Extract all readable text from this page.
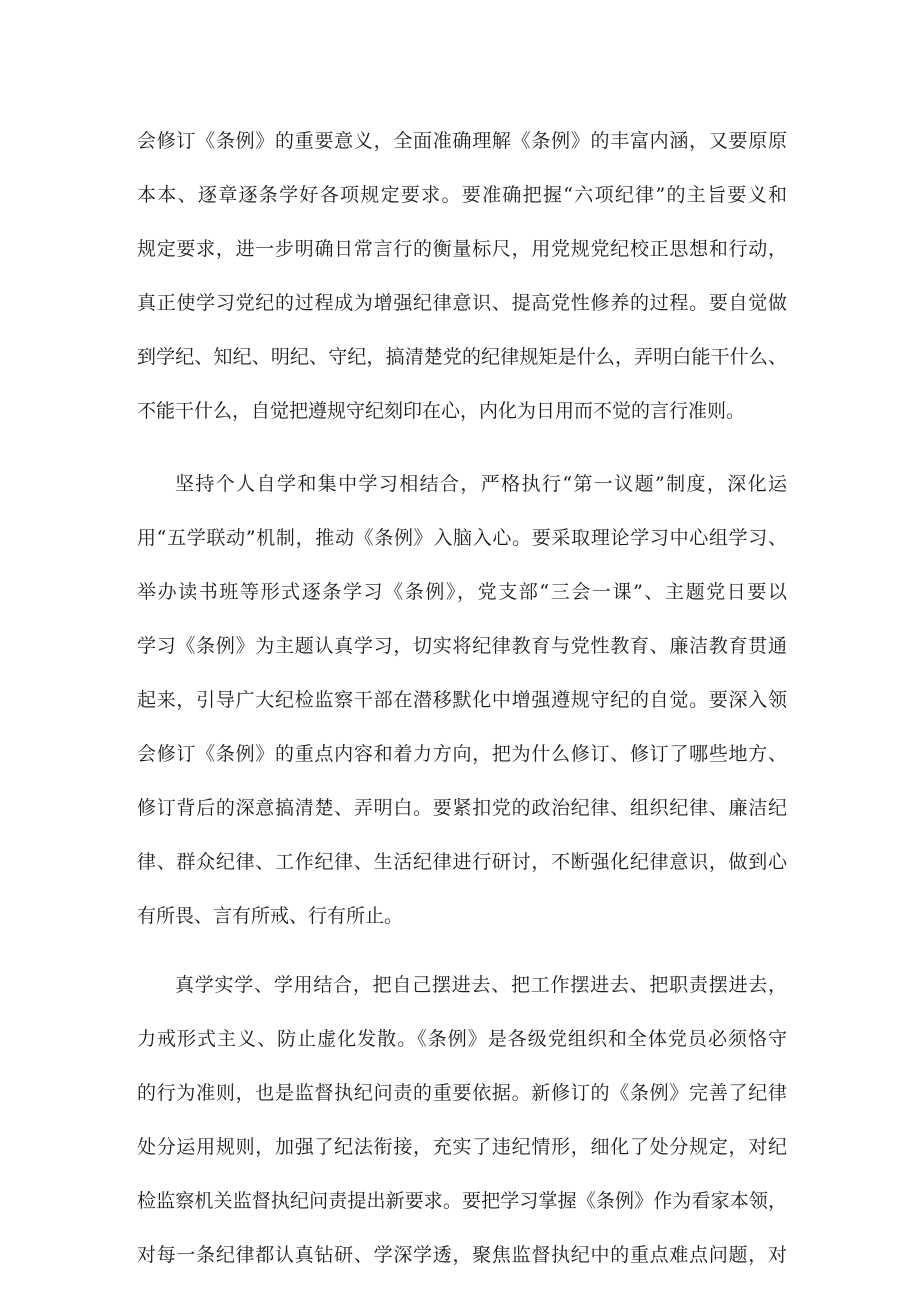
会修订《条例》的重要意义，全面准确理解《条例》的丰富内涵，又要原原
本本、逐章逐条学好各项规定要求。要准确把握“六项纪律”的主旨要义和
规定要求，进一步明确日常言行的衡量标尺，用党规党纪校正思想和行动，
真正使学习党纪的过程成为增强纪律意识、提高党性修养的过程。要自觉做
到学纪、知纪、明纪、守纪，搞清楚党的纪律规矩是什么，弄明白能干什么、
不能干什么，自觉把遵规守纪刻印在心，内化为日用而不觉的言行准则。
坚持个人自学和集中学习相结合，严格执行“第一议题”制度，深化运
用“五学联动”机制，推动《条例》入脑入心。要采取理论学习中心组学习、
举办读书班等形式逐条学习《条例》，党支部“三会一课”、主题党日要以
学习《条例》为主题认真学习，切实将纪律教育与党性教育、廉洁教育贯通
起来，引导广大纪检监察干部在潜移默化中增强遵规守纪的自觉。要深入领
会修订《条例》的重点内容和着力方向，把为什么修订、修订了哪些地方、
修订背后的深意搞清楚、弄明白。要紧扣党的政治纪律、组织纪律、廉洁纪
律、群众纪律、工作纪律、生活纪律进行研讨，不断强化纪律意识，做到心
有所畏、言有所戒、行有所止。
真学实学、学用结合，把自己摆进去、把工作摆进去、把职责摆进去，
力戒形式主义、防止虚化发散。《条例》是各级党组织和全体党员必须恪守
的行为准则，也是监督执纪问责的重要依据。新修订的《条例》完善了纪律
处分运用规则，加强了纪法衔接，充实了违纪情形，细化了处分规定，对纪
检监察机关监督执纪问责提出新要求。要把学习掌握《条例》作为看家本领，
对每一条纪律都认真钻研、学深学透，聚焦监督执纪中的重点难点问题，对
